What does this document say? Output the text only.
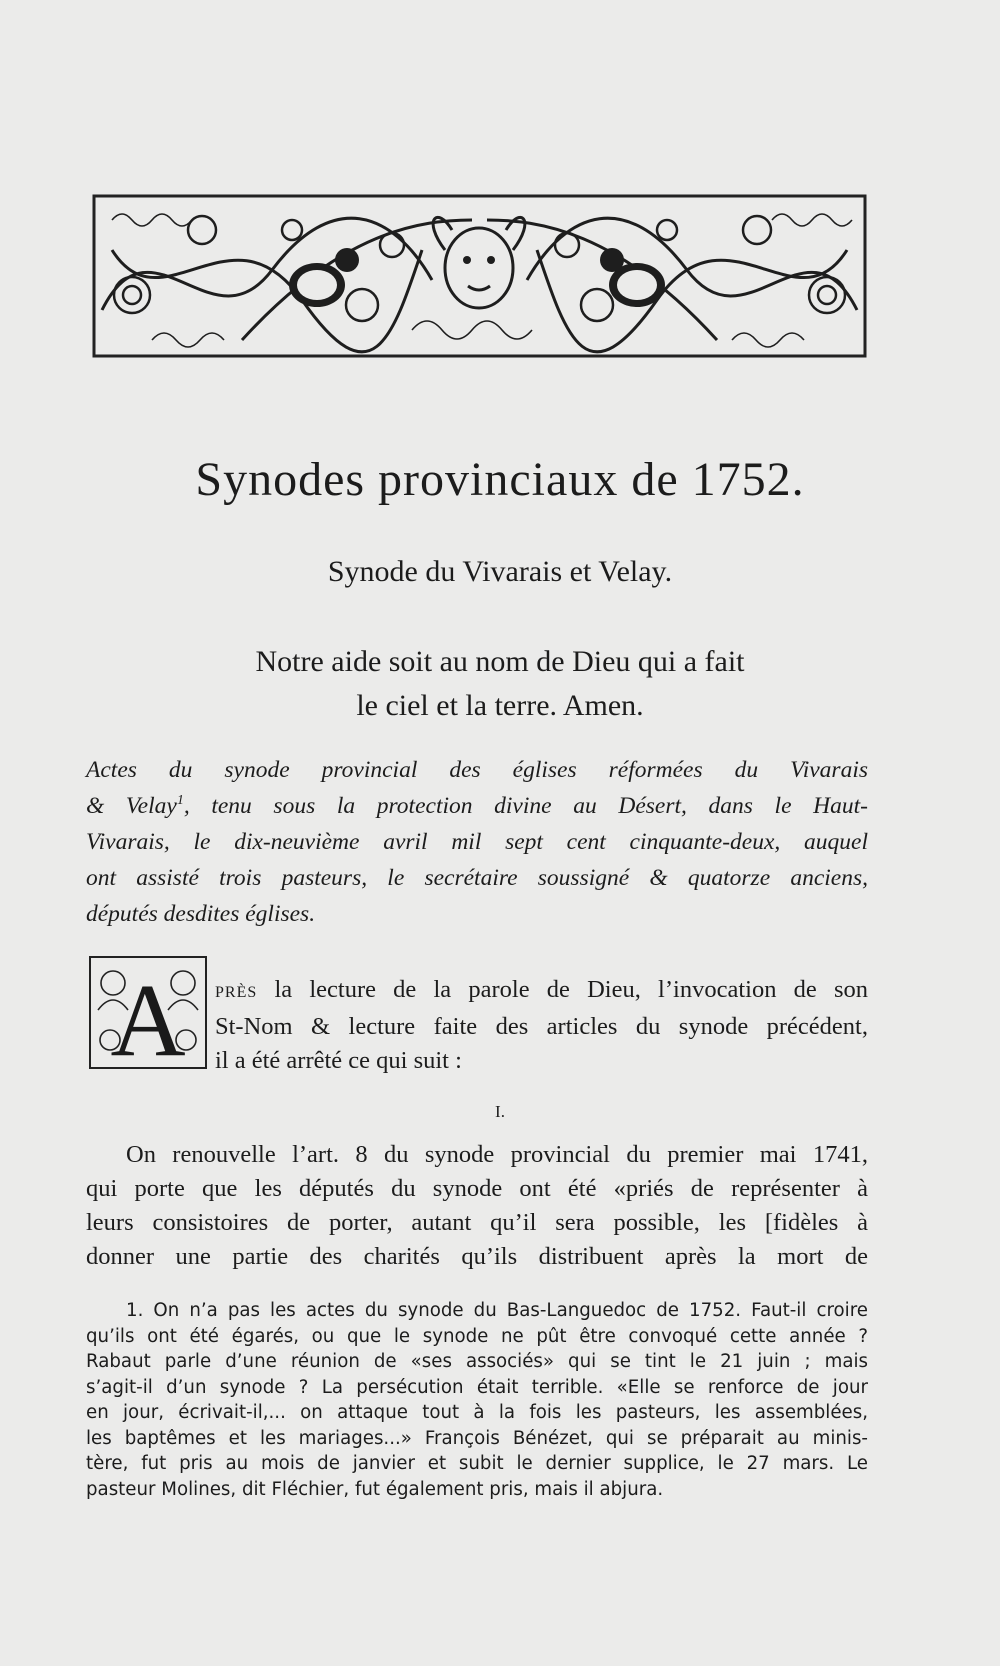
Synodes provinciaux de 1752.
Synode du Vivarais et Velay.

Notre aide soit au nom de Dieu qui a fait
le ciel et la terre. Amen.

Actes du synode provincial des églises réformées du Vivarais
& Velay$^1$, tenu sous la protection divine au Désert, dans le Haut-
Vivarais, le dix-neuvième avril mil sept cent cinquante-deux, auquel
ont assisté trois pasteurs, le secrétaire soussigné & quatorze anciens,
députés desdites églises.

A PRÈS la lecture de la parole de Dieu, l’invocation de son
St-Nom & lecture faite des articles du synode précédent,
il a été arrêté ce qui suit :

I.

On renouvelle l’art. 8 du synode provincial du premier mai 1741,
qui porte que les députés du synode ont été «priés de représenter à
leurs consistoires de porter, autant qu’il sera possible, les [fidèles à
donner une partie des charités qu’ils distribuent après la mort de

1. On n’a pas les actes du synode du Bas-Languedoc de 1752. Faut-il croire
qu’ils ont été égarés, ou que le synode ne pût être convoqué cette année ?
Rabaut parle d’une réunion de «ses associés» qui se tint le 21 juin ; mais
s’agit-il d’un synode ? La persécution était terrible. «Elle se renforce de jour
en jour, écrivait-il,... on attaque tout à la fois les pasteurs, les assemblées,
les baptêmes et les mariages...» François Bénézet, qui se préparait au minis-
tère, fut pris au mois de janvier et subit le dernier supplice, le 27 mars. Le
pasteur Molines, dit Fléchier, fut également pris, mais il abjura.
